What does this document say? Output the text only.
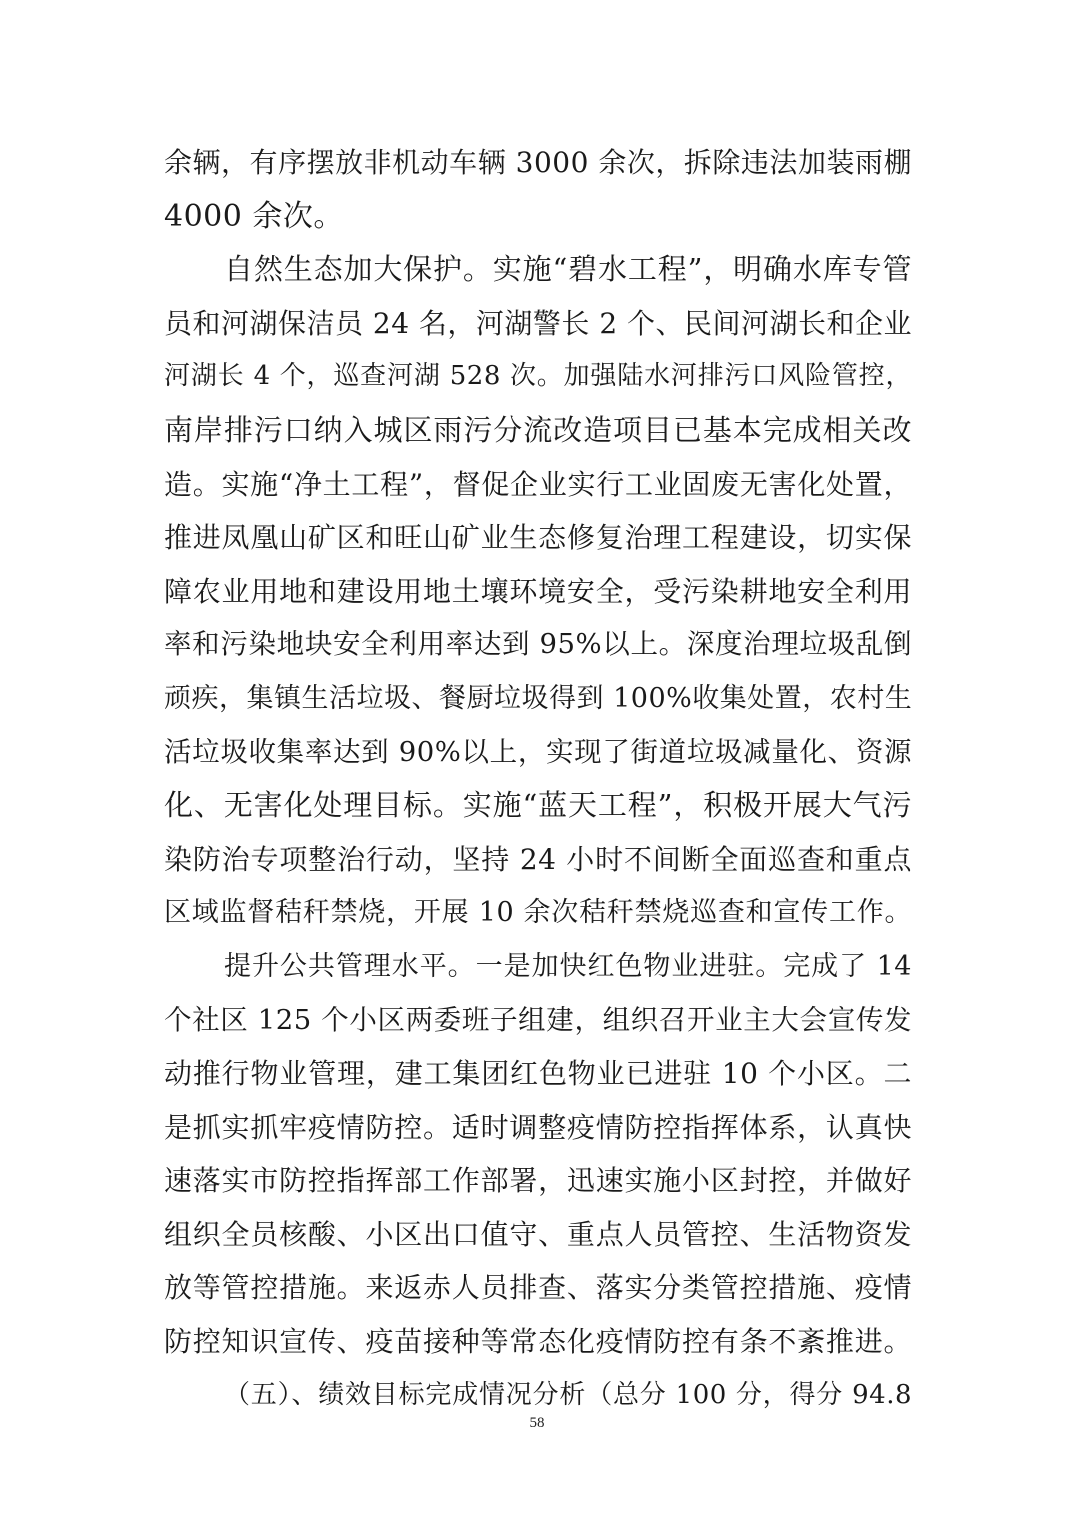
余辆，有序摆放非机动车辆 3000 余次，拆除违法加装雨棚
4000 余次。
自然生态加大保护。实施“碧水工程”，明确水库专管
员和河湖保洁员 24 名，河湖警长 2 个、民间河湖长和企业
河湖长 4 个，巡查河湖 528 次。加强陆水河排污口风险管控，
南岸排污口纳入城区雨污分流改造项目已基本完成相关改
造。实施“净土工程”，督促企业实行工业固废无害化处置，
推进凤凰山矿区和旺山矿业生态修复治理工程建设，切实保
障农业用地和建设用地土壤环境安全，受污染耕地安全利用
率和污染地块安全利用率达到 95%以上。深度治理垃圾乱倒
顽疾，集镇生活垃圾、餐厨垃圾得到 100%收集处置，农村生
活垃圾收集率达到 90%以上，实现了街道垃圾减量化、资源
化、无害化处理目标。实施“蓝天工程”，积极开展大气污
染防治专项整治行动，坚持 24 小时不间断全面巡查和重点
区域监督秸秆禁烧，开展 10 余次秸秆禁烧巡查和宣传工作。
提升公共管理水平。一是加快红色物业进驻。完成了 14
个社区 125 个小区两委班子组建，组织召开业主大会宣传发
动推行物业管理，建工集团红色物业已进驻 10 个小区。二
是抓实抓牢疫情防控。适时调整疫情防控指挥体系，认真快
速落实市防控指挥部工作部署，迅速实施小区封控，并做好
组织全员核酸、小区出口值守、重点人员管控、生活物资发
放等管控措施。来返赤人员排查、落实分类管控措施、疫情
防控知识宣传、疫苗接种等常态化疫情防控有条不紊推进。
（五）、绩效目标完成情况分析（总分 100 分，得分 94.8
58
